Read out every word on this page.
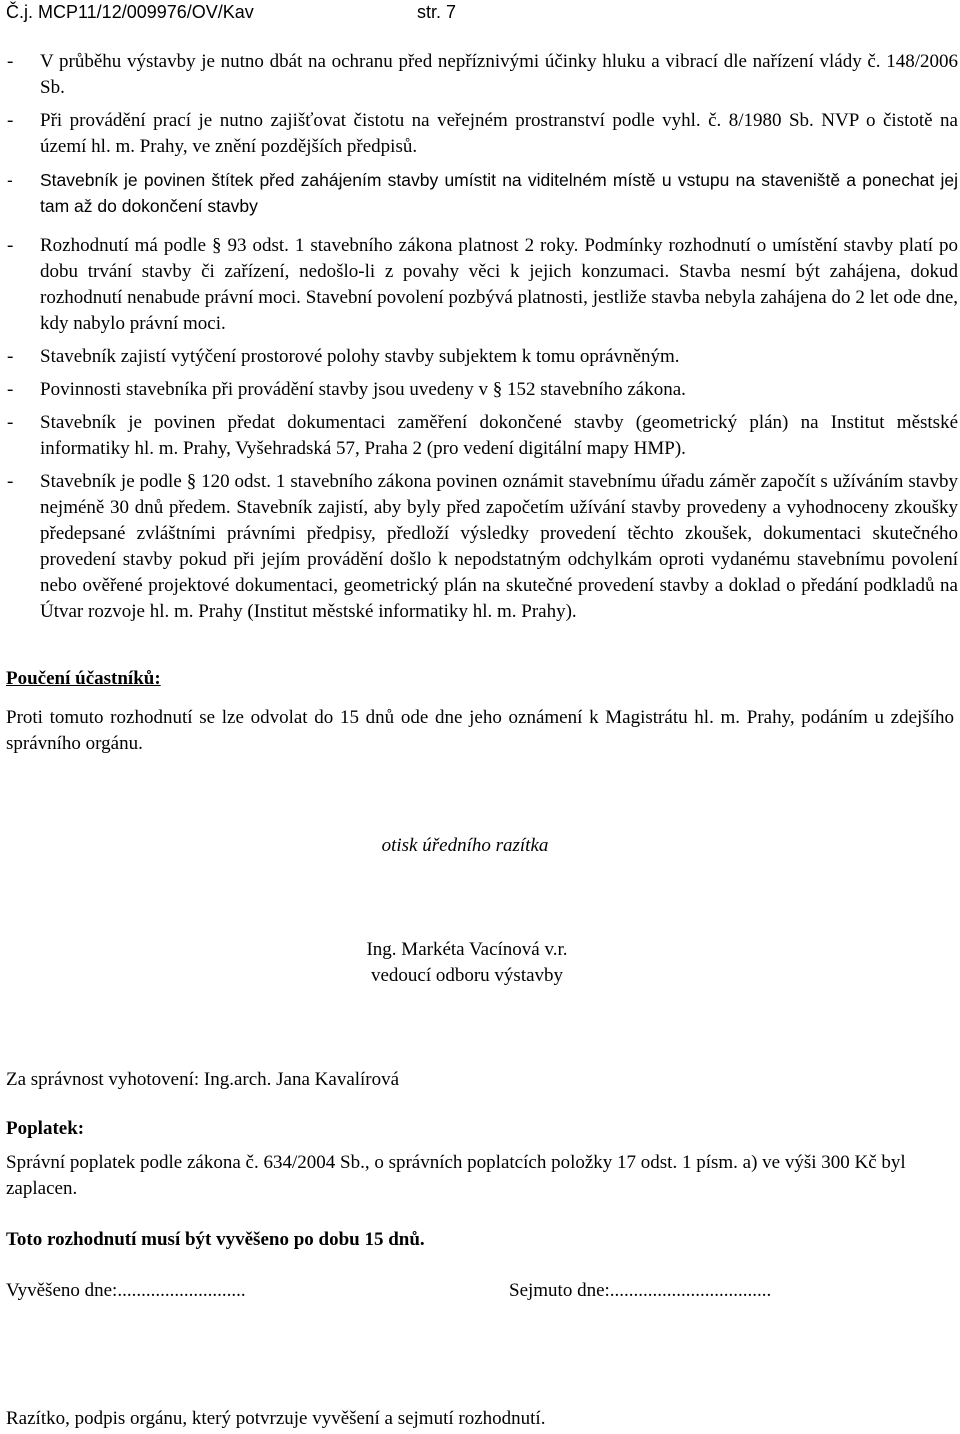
Č.j. MCP11/12/009976/OV/Kav	str. 7
- V průběhu výstavby je nutno dbát na ochranu před nepříznivými účinky hluku a vibrací dle nařízení vlády č. 148/2006 Sb.

- Při provádění prací je nutno zajišťovat čistotu na veřejném prostranství podle vyhl. č. 8/1980 Sb. NVP o čistotě na území hl. m. Prahy, ve znění pozdějších předpisů.

- Stavebník je povinen štítek před zahájením stavby umístit na viditelném místě u vstupu na staveniště a ponechat jej tam až do dokončení stavby

- Rozhodnutí má podle § 93 odst. 1 stavebního zákona platnost 2 roky. Podmínky rozhodnutí o umístění stavby platí po dobu trvání stavby či zařízení, nedošlo-li z povahy věci k jejich konzumaci. Stavba nesmí být zahájena, dokud rozhodnutí nenabude právní moci. Stavební povolení pozbývá platnosti, jestliže stavba nebyla zahájena do 2 let ode dne, kdy nabylo právní moci.

- Stavebník zajistí vytýčení prostorové polohy stavby subjektem k tomu oprávněným.

- Povinnosti stavebníka při provádění stavby jsou uvedeny v § 152 stavebního zákona.

- Stavebník je povinen předat dokumentaci zaměření dokončené stavby (geometrický plán) na Institut městské informatiky hl. m. Prahy, Vyšehradská 57, Praha 2 (pro vedení digitální mapy HMP).

- Stavebník je podle § 120 odst. 1 stavebního zákona povinen oznámit stavebnímu úřadu záměr započít s užíváním stavby nejméně 30 dnů předem. Stavebník zajistí, aby byly před započetím užívání stavby provedeny a vyhodnoceny zkoušky předepsané zvláštními právními předpisy, předloží výsledky provedení těchto zkoušek, dokumentaci skutečného provedení stavby pokud při jejím provádění došlo k nepodstatným odchylkám oproti vydanému stavebnímu povolení nebo ověřené projektové dokumentaci, geometrický plán na skutečné provedení stavby a doklad o předání podkladů na Útvar rozvoje hl. m. Prahy (Institut městské informatiky hl. m. Prahy).

Poučení účastníků:
Proti tomuto rozhodnutí se lze odvolat do 15 dnů ode dne jeho oznámení k Magistrátu hl. m. Prahy, podáním u zdejšího správního orgánu.
otisk úředního razítka
Ing. Markéta Vacínová v.r.
vedoucí odboru výstavby
Za správnost vyhotovení: Ing.arch. Jana Kavalírová
Poplatek:
Správní poplatek podle zákona č. 634/2004 Sb., o správních poplatcích položky 17 odst. 1 písm. a) ve výši 300 Kč byl zaplacen.
Toto rozhodnutí musí být vyvěšeno po dobu 15 dnů.
Vyvěšeno dne:...........................	Sejmuto dne:..................................
Razítko, podpis orgánu, který potvrzuje vyvěšení a sejmutí rozhodnutí.
